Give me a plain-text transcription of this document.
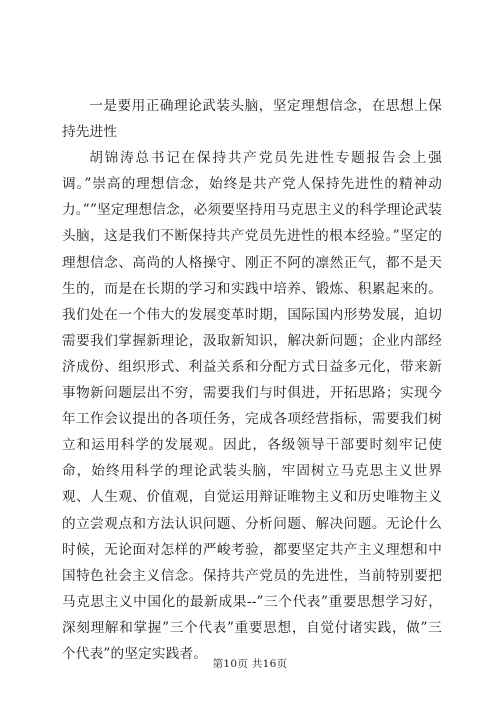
一是要用正确理论武装头脑，坚定理想信念，在思想上保持先进性

胡锦涛总书记在保持共产党员先进性专题报告会上强调。”崇高的理想信念，始终是共产党人保持先进性的精神动力。””坚定理想信念，必须要坚持用马克思主义的科学理论武装头脑，这是我们不断保持共产党员先进性的根本经验。”坚定的理想信念、高尚的人格操守、刚正不阿的凛然正气，都不是天生的，而是在长期的学习和实践中培养、锻炼、积累起来的。我们处在一个伟大的发展变革时期，国际国内形势发展，迫切需要我们掌握新理论，汲取新知识，解决新问题；企业内部经济成份、组织形式、利益关系和分配方式日益多元化，带来新事物新问题层出不穷，需要我们与时俱进，开拓思路；实现今年工作会议提出的各项任务，完成各项经营指标，需要我们树立和运用科学的发展观。因此，各级领导干部要时刻牢记使命，始终用科学的理论武装头脑，牢固树立马克思主义世界观、人生观、价值观，自觉运用辩证唯物主义和历史唯物主义的立尝观点和方法认识问题、分析问题、解决问题。无论什么时候，无论面对怎样的严峻考验，都要坚定共产主义理想和中国特色社会主义信念。保持共产党员的先进性，当前特别要把马克思主义中国化的最新成果--”三个代表”重要思想学习好，深刻理解和掌握”三个代表”重要思想，自觉付诸实践，做”三个代表”的坚定实践者。

第10页 共16页
